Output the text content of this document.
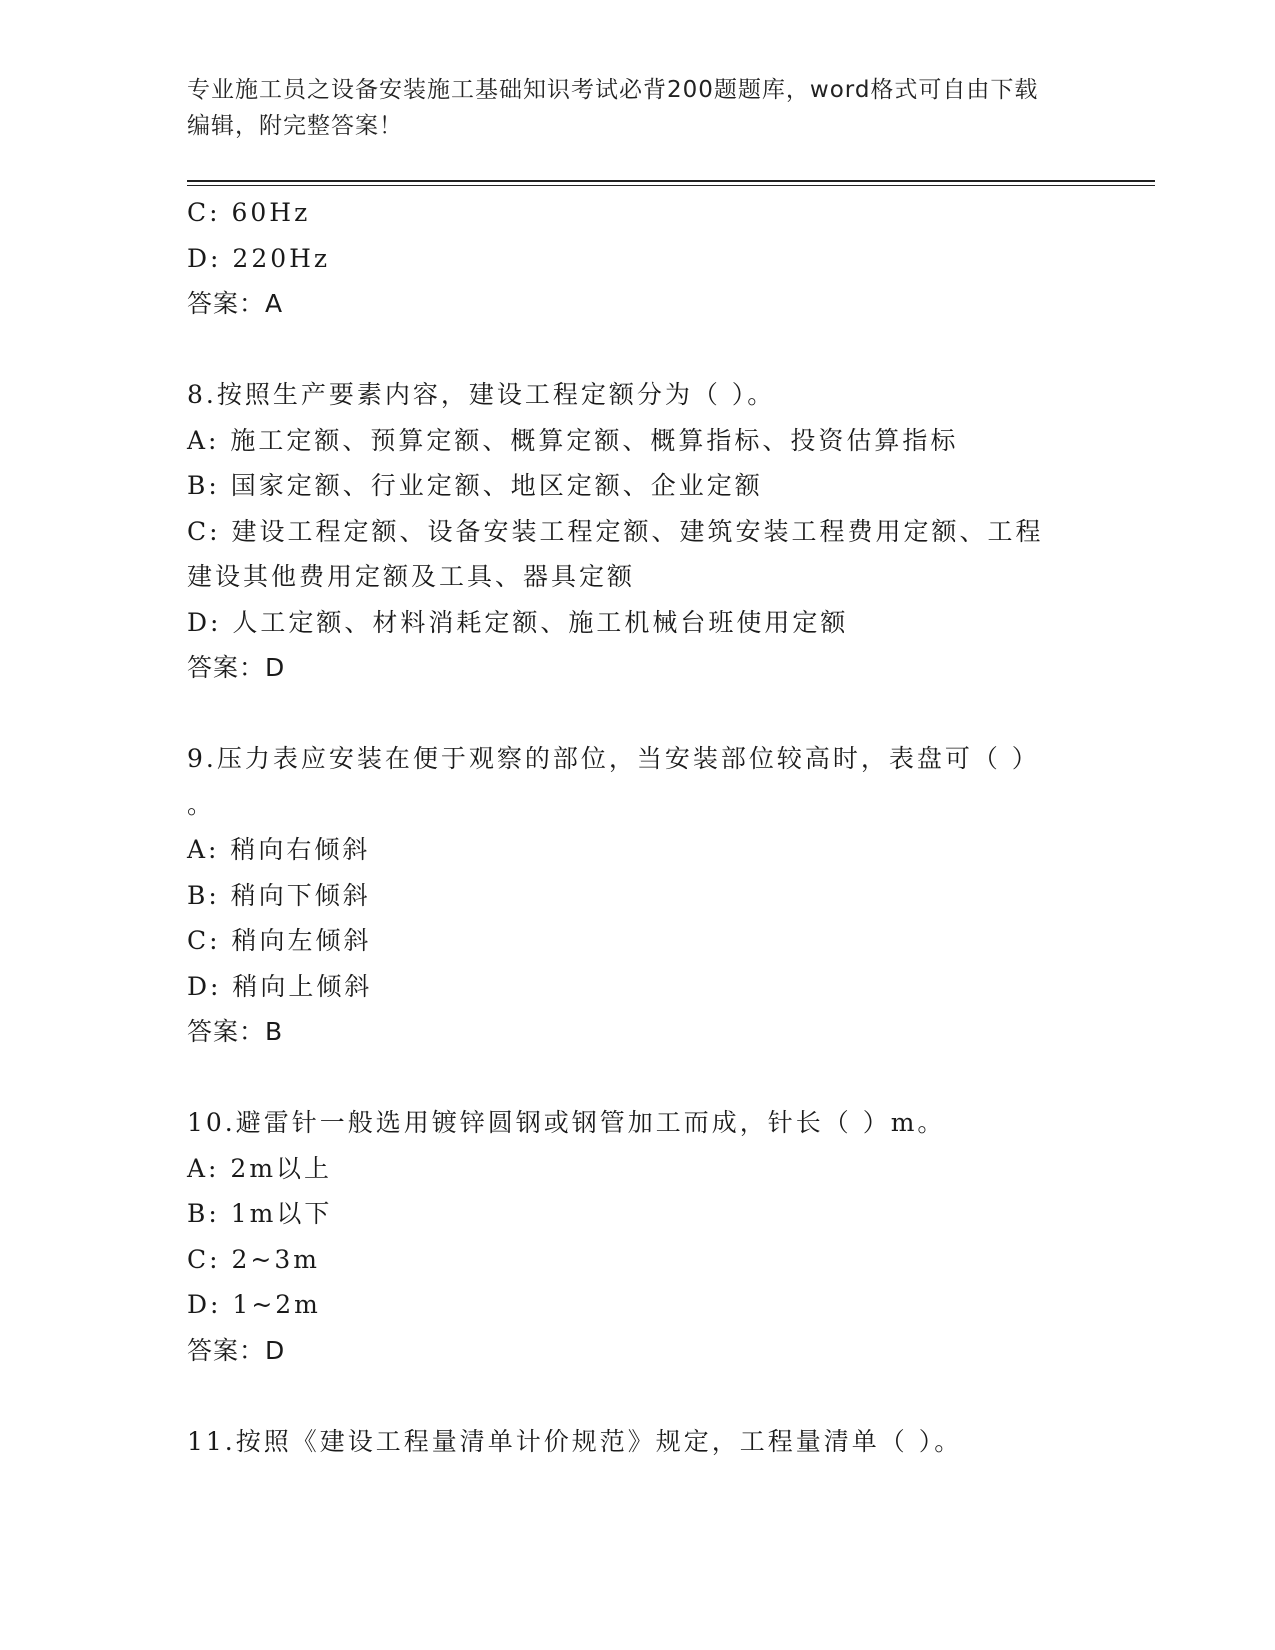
专业施工员之设备安装施工基础知识考试必背200题题库，word格式可自由下载
编辑，附完整答案！
C: 60Hz
D: 220Hz
答案：A
8.按照生产要素内容，建设工程定额分为（ ）。
A: 施工定额、预算定额、概算定额、概算指标、投资估算指标
B: 国家定额、行业定额、地区定额、企业定额
C: 建设工程定额、设备安装工程定额、建筑安装工程费用定额、工程
建设其他费用定额及工具、器具定额
D: 人工定额、材料消耗定额、施工机械台班使用定额
答案：D
9.压力表应安装在便于观察的部位，当安装部位较高时，表盘可（ ）
。
A: 稍向右倾斜
B: 稍向下倾斜
C: 稍向左倾斜
D: 稍向上倾斜
答案：B
10.避雷针一般选用镀锌圆钢或钢管加工而成，针长（ ）m。
A: 2m以上
B: 1m以下
C: 2~3m
D: 1~2m
答案：D
11.按照《建设工程量清单计价规范》规定，工程量清单（ ）。
